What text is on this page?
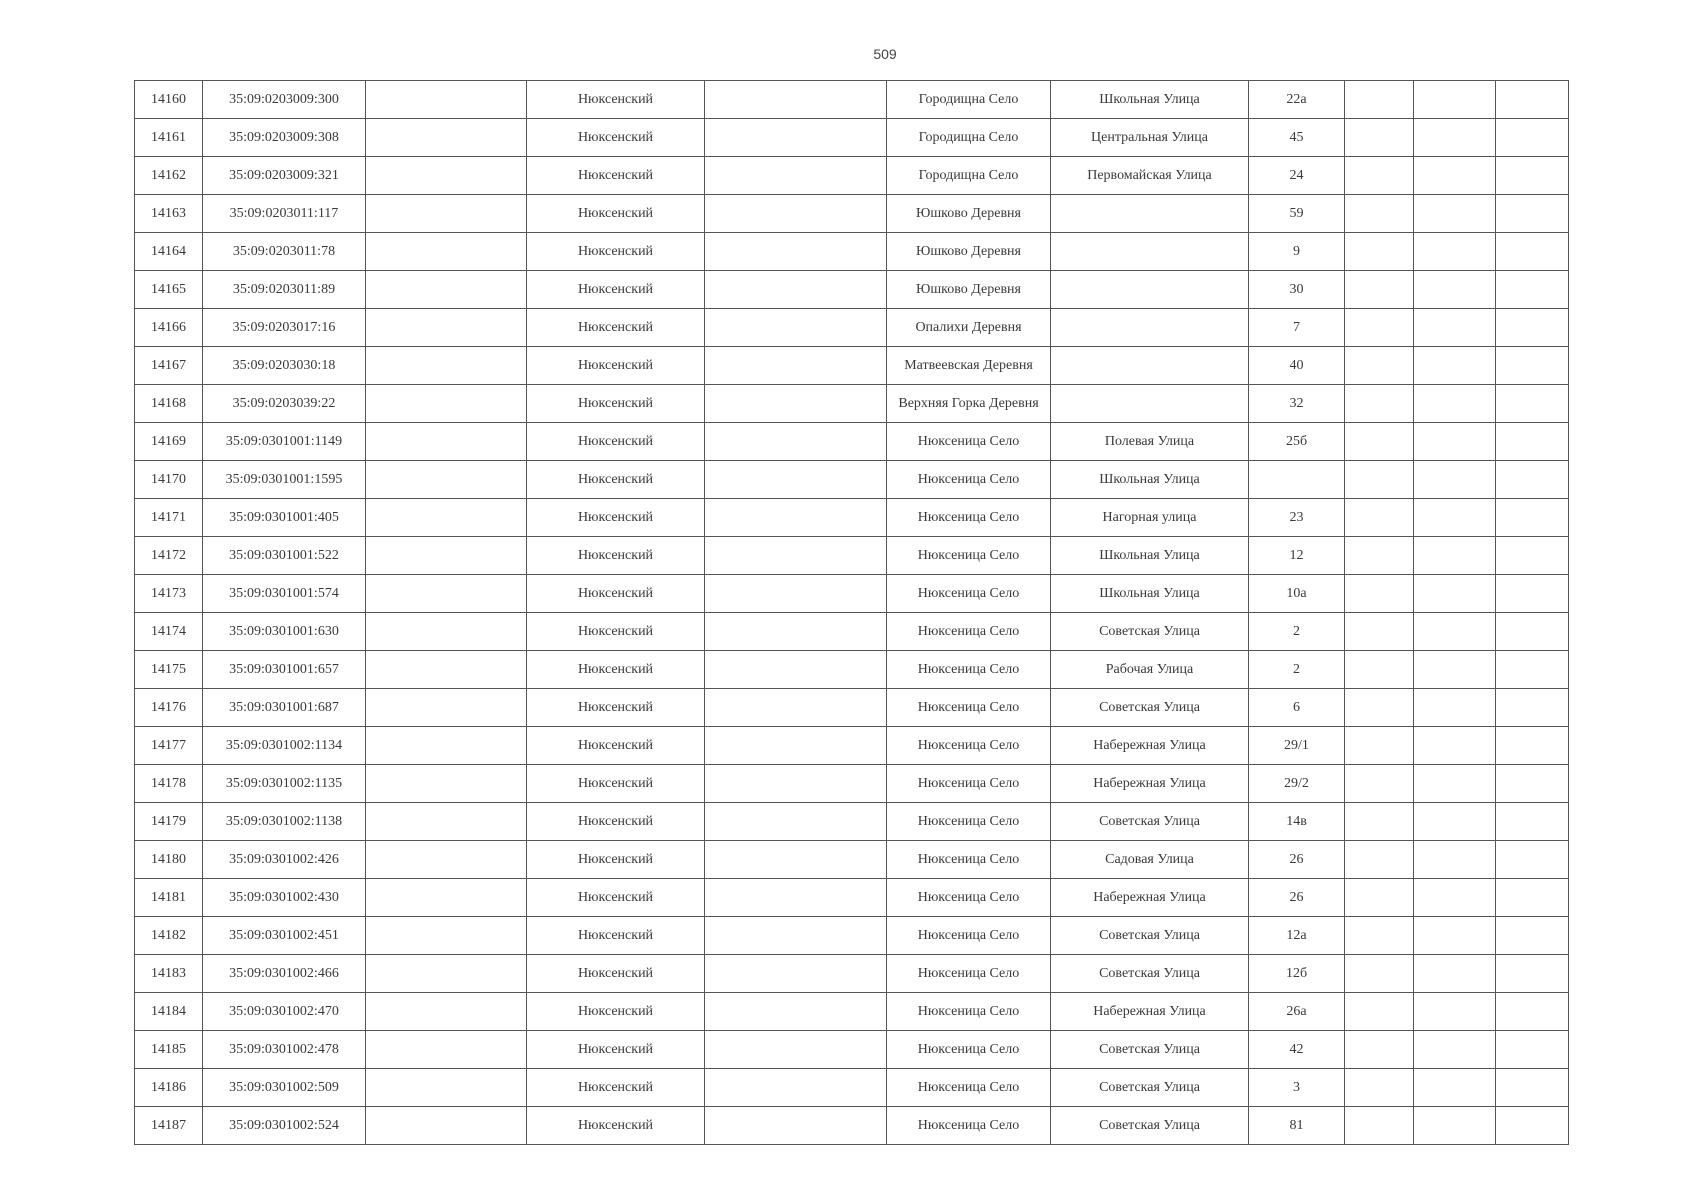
509
14160	35:09:0203009:300		Нюксенский		Городищна Село	Школьная Улица	22а			
14161	35:09:0203009:308		Нюксенский		Городищна Село	Центральная Улица	45			
14162	35:09:0203009:321		Нюксенский		Городищна Село	Первомайская Улица	24			
14163	35:09:0203011:117		Нюксенский		Юшково Деревня		59			
14164	35:09:0203011:78		Нюксенский		Юшково Деревня		9			
14165	35:09:0203011:89		Нюксенский		Юшково Деревня		30			
14166	35:09:0203017:16		Нюксенский		Опалихи Деревня		7			
14167	35:09:0203030:18		Нюксенский		Матвеевская Деревня		40			
14168	35:09:0203039:22		Нюксенский		Верхняя Горка Деревня		32			
14169	35:09:0301001:1149		Нюксенский		Нюксеница Село	Полевая Улица	25б			
14170	35:09:0301001:1595		Нюксенский		Нюксеница Село	Школьная Улица				
14171	35:09:0301001:405		Нюксенский		Нюксеница Село	Нагорная улица	23			
14172	35:09:0301001:522		Нюксенский		Нюксеница Село	Школьная Улица	12			
14173	35:09:0301001:574		Нюксенский		Нюксеница Село	Школьная Улица	10а			
14174	35:09:0301001:630		Нюксенский		Нюксеница Село	Советская Улица	2			
14175	35:09:0301001:657		Нюксенский		Нюксеница Село	Рабочая Улица	2			
14176	35:09:0301001:687		Нюксенский		Нюксеница Село	Советская Улица	6			
14177	35:09:0301002:1134		Нюксенский		Нюксеница Село	Набережная Улица	29/1			
14178	35:09:0301002:1135		Нюксенский		Нюксеница Село	Набережная Улица	29/2			
14179	35:09:0301002:1138		Нюксенский		Нюксеница Село	Советская Улица	14в			
14180	35:09:0301002:426		Нюксенский		Нюксеница Село	Садовая Улица	26			
14181	35:09:0301002:430		Нюксенский		Нюксеница Село	Набережная Улица	26			
14182	35:09:0301002:451		Нюксенский		Нюксеница Село	Советская Улица	12а			
14183	35:09:0301002:466		Нюксенский		Нюксеница Село	Советская Улица	12б			
14184	35:09:0301002:470		Нюксенский		Нюксеница Село	Набережная Улица	26а			
14185	35:09:0301002:478		Нюксенский		Нюксеница Село	Советская Улица	42			
14186	35:09:0301002:509		Нюксенский		Нюксеница Село	Советская Улица	3			
14187	35:09:0301002:524		Нюксенский		Нюксеница Село	Советская Улица	81			
